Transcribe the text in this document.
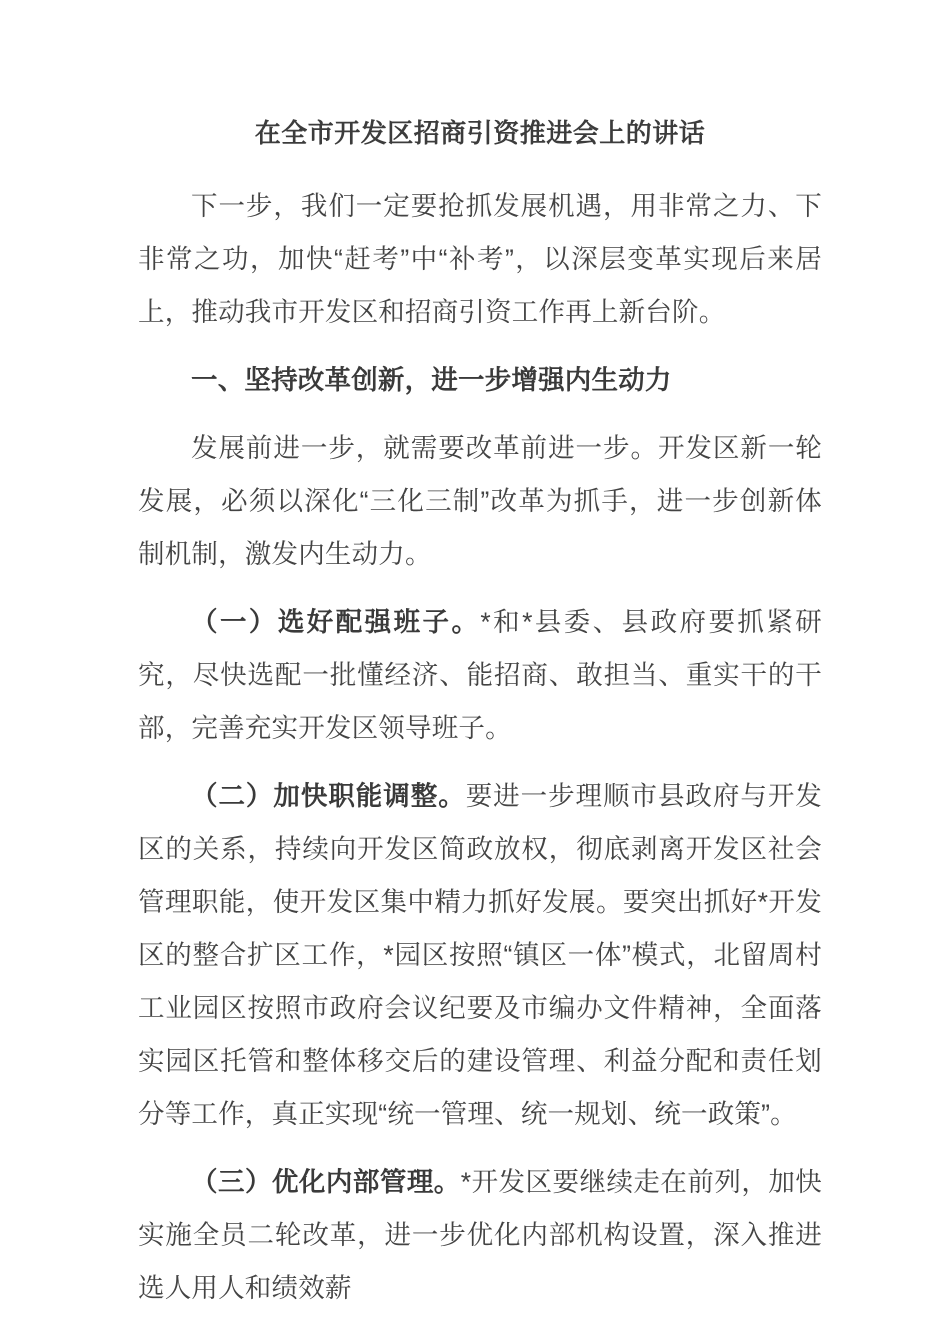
在全市开发区招商引资推进会上的讲话

下一步，我们一定要抢抓发展机遇，用非常之力、下非常之功，加快“赶考”中“补考”，以深层变革实现后来居上，推动我市开发区和招商引资工作再上新台阶。

一、坚持改革创新，进一步增强内生动力

发展前进一步，就需要改革前进一步。开发区新一轮发展，必须以深化“三化三制”改革为抓手，进一步创新体制机制，激发内生动力。

（一）选好配强班子。*和*县委、县政府要抓紧研究，尽快选配一批懂经济、能招商、敢担当、重实干的干部，完善充实开发区领导班子。

（二）加快职能调整。要进一步理顺市县政府与开发区的关系，持续向开发区简政放权，彻底剥离开发区社会管理职能，使开发区集中精力抓好发展。要突出抓好*开发区的整合扩区工作，*园区按照“镇区一体”模式，北留周村工业园区按照市政府会议纪要及市编办文件精神，全面落实园区托管和整体移交后的建设管理、利益分配和责任划分等工作，真正实现“统一管理、统一规划、统一政策”。

（三）优化内部管理。*开发区要继续走在前列，加快实施全员二轮改革，进一步优化内部机构设置，深入推进选人用人和绩效薪
